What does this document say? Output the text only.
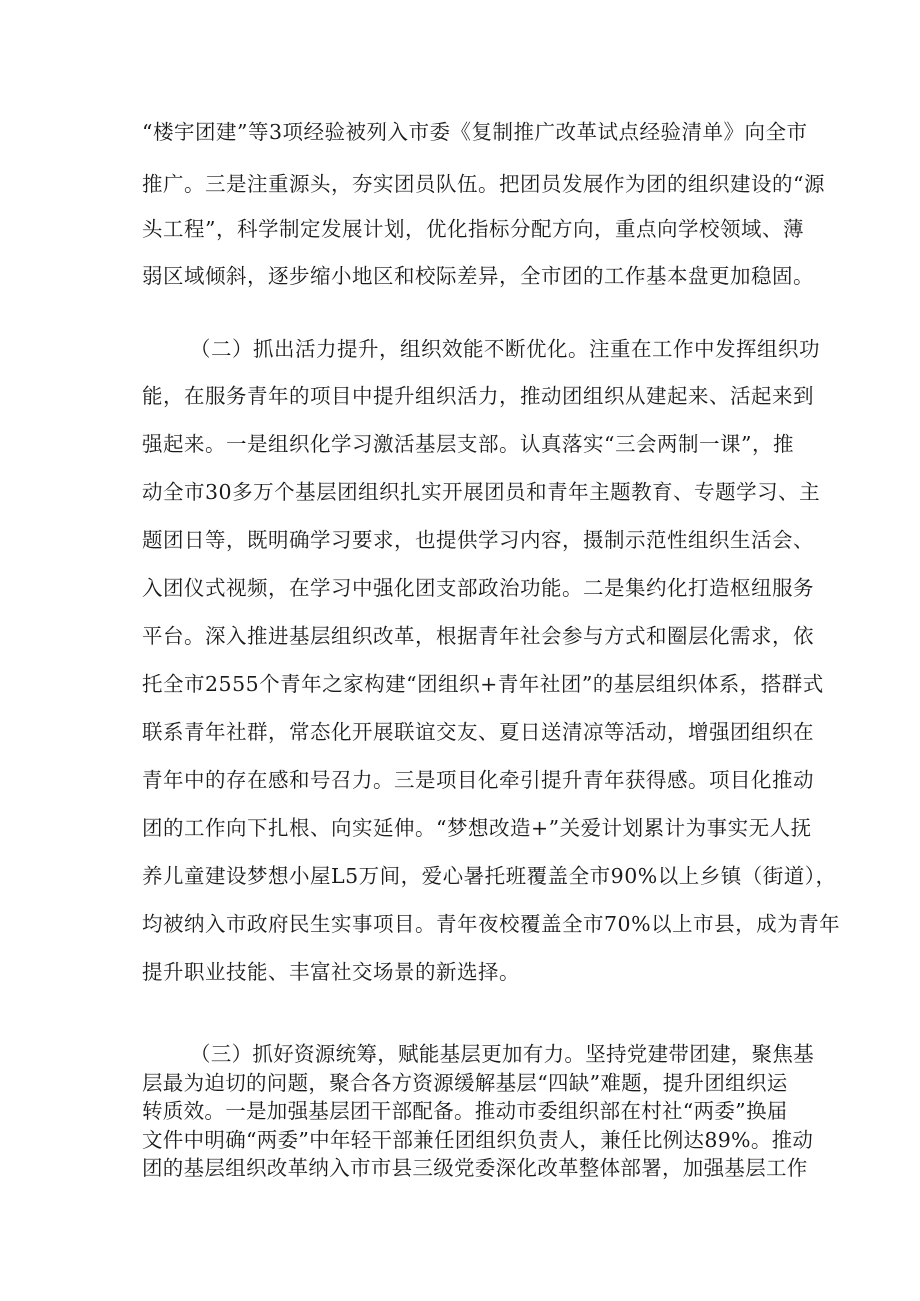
“楼宇团建”等3项经验被列入市委《复制推广改革试点经验清单》向全市
推广。三是注重源头，夯实团员队伍。把团员发展作为团的组织建设的“源
头工程”，科学制定发展计划，优化指标分配方向，重点向学校领域、薄
弱区域倾斜，逐步缩小地区和校际差异，全市团的工作基本盘更加稳固。
（二）抓出活力提升，组织效能不断优化。注重在工作中发挥组织功
能，在服务青年的项目中提升组织活力，推动团组织从建起来、活起来到
强起来。一是组织化学习激活基层支部。认真落实“三会两制一课”，推
动全市30多万个基层团组织扎实开展团员和青年主题教育、专题学习、主
题团日等，既明确学习要求，也提供学习内容，摄制示范性组织生活会、
入团仪式视频，在学习中强化团支部政治功能。二是集约化打造枢纽服务
平台。深入推进基层组织改革，根据青年社会参与方式和圈层化需求，依
托全市2555个青年之家构建“团组织+青年社团”的基层组织体系，搭群式
联系青年社群，常态化开展联谊交友、夏日送清凉等活动，增强团组织在
青年中的存在感和号召力。三是项目化牵引提升青年获得感。项目化推动
团的工作向下扎根、向实延伸。“梦想改造+”关爱计划累计为事实无人抚
养儿童建设梦想小屋L5万间，爱心暑托班覆盖全市90%以上乡镇（街道），
均被纳入市政府民生实事项目。青年夜校覆盖全市70%以上市县，成为青年
提升职业技能、丰富社交场景的新选择。
（三）抓好资源统筹，赋能基层更加有力。坚持党建带团建，聚焦基
层最为迫切的问题，聚合各方资源缓解基层“四缺”难题，提升团组织运
转质效。一是加强基层团干部配备。推动市委组织部在村社“两委”换届
文件中明确“两委”中年轻干部兼任团组织负责人，兼任比例达89%。推动
团的基层组织改革纳入市市县三级党委深化改革整体部署，加强基层工作
